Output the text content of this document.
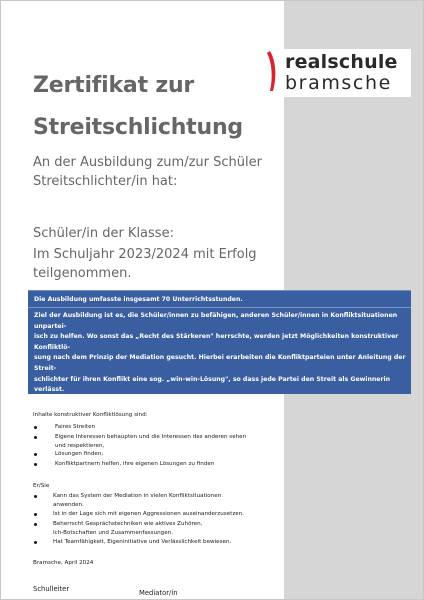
realschule
bramsche
Zertifikat zur
Streitschlichtung
An der Ausbildung zum/zur Schüler
Streitschlichter/in hat:
Schüler/in der Klasse:
Im Schuljahr 2023/2024 mit Erfolg
teilgenommen.
Die Ausbildung umfasste insgesamt 70 Unterrichtsstunden.
Ziel der Ausbildung ist es, die Schüler/innen zu befähigen, anderen Schüler/innen in Konfliktsituationen unpartei-
isch zu helfen. Wo sonst das „Recht des Stärkeren" herrschte, werden jetzt Möglichkeiten konstruktiver Konfliktlö-
sung nach dem Prinzip der Mediation gesucht. Hierbei erarbeiten die Konfliktparteien unter Anleitung der Streit-
schlichter für ihren Konflikt eine sog. „win-win-Lösung", so dass jede Partei den Streit als Gewinnerin verlässt.
Inhalte konstruktiver Konfliktlösung sind:
Faires Streiten
Eigene Interessen behaupten und die Interessen des anderen sehen
und respektieren,
Lösungen finden,
Konfliktpartnern helfen, ihre eigenen Lösungen zu finden
Er/Sie
Kann das System der Mediation in vielen Konfliktsituationen
anwenden.
Ist in der Lage sich mit eigenen Aggressionen auseinanderzusetzen.
Beherrscht Gesprächstechniken wie aktives Zuhören,
Ich-Botschaften und Zusammenfassungen.
Hat Teamfähigkeit, Eigeninitiative und Verlässlichkeit bewiesen.
Bramsche, April 2024
Schulleiter	Mediator/in
